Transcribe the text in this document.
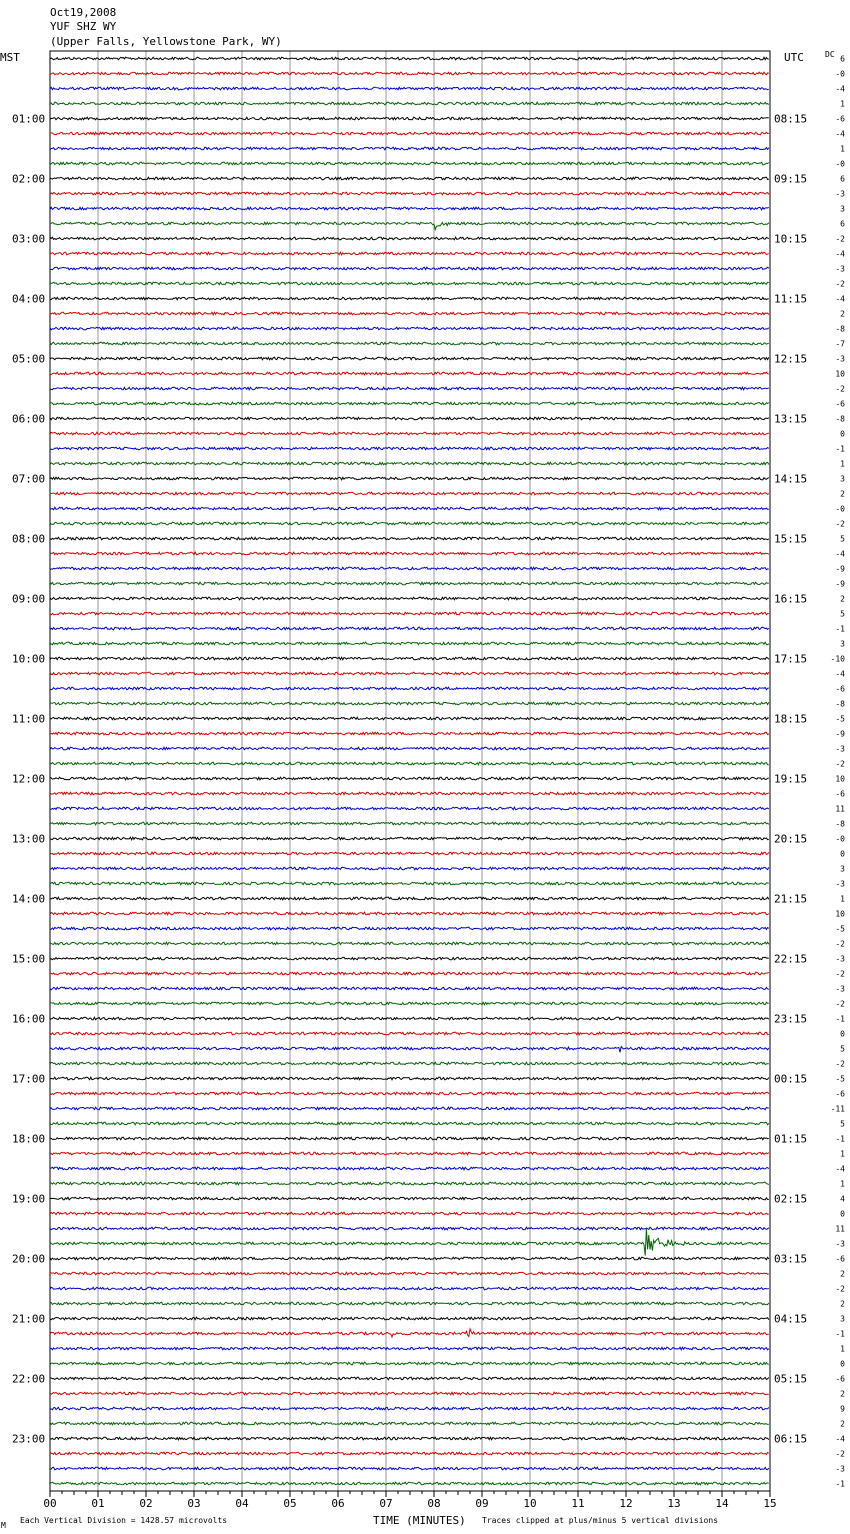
Oct19,2008
YUF SHZ WY
(Upper Falls, Yellowstone Park, WY)
MST	UTC	DC
01:00
02:00
03:00
04:00
05:00
06:00
07:00
08:00
09:00
10:00
11:00
12:00
13:00
14:00
15:00
16:00
17:00
18:00
19:00
20:00
21:00
22:00
23:00
08:15
09:15
10:15
11:15
12:15
13:15
14:15
15:15
16:15
17:15
18:15
19:15
20:15
21:15
22:15
23:15
00:15
01:15
02:15
03:15
04:15
05:15
06:15
6
-0
-4
1
-6
-4
1
-0
6
-3
3
6
-2
-4
-3
-2
-4
2
-8
-7
-3
10
-2
-6
-8
0
-1
1
3
2
-0
-2
5
-4
-9
-9
2
5
-1
3
-10
-4
-6
-8
-5
-9
-3
-2
10
-6
11
-8
-0
0
3
-3
1
10
-5
-2
-3
-2
-3
-2
-1
0
5
-2
-5
-6
-11
5
-1
1
-4
1
4
0
11
-3
-6
2
-2
2
3
-1
1
0
-6
2
9
2
-4
-2
-3
-1
00	01	02	03	04	05	06	07	08	09	10	11	12	13	14	15
TIME (MINUTES)
Each Vertical Division = 1428.57 microvolts	Traces clipped at plus/minus 5 vertical divisions
M
